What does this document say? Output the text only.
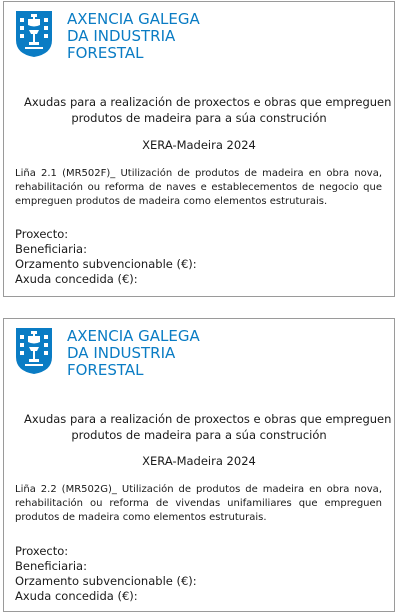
AXENCIA GALEGA
DA INDUSTRIA
FORESTAL
Axudas para a realización de proxectos e obras que empreguen
produtos de madeira para a súa construción
XERA-Madeira 2024
Liña 2.1 (MR502F)_ Utilización de produtos de madeira en obra nova, rehabilitación ou reforma de naves e establecementos de negocio que empreguen produtos de madeira como elementos estruturais.
Proxecto:
Beneficiaria:
Orzamento subvencionable (€):
Axuda concedida (€):
AXENCIA GALEGA
DA INDUSTRIA
FORESTAL
Axudas para a realización de proxectos e obras que empreguen
produtos de madeira para a súa construción
XERA-Madeira 2024
Liña 2.2 (MR502G)_ Utilización de produtos de madeira en obra nova, rehabilitación ou reforma de vivendas unifamiliares que empreguen produtos de madeira como elementos estruturais.
Proxecto:
Beneficiaria:
Orzamento subvencionable (€):
Axuda concedida (€):
